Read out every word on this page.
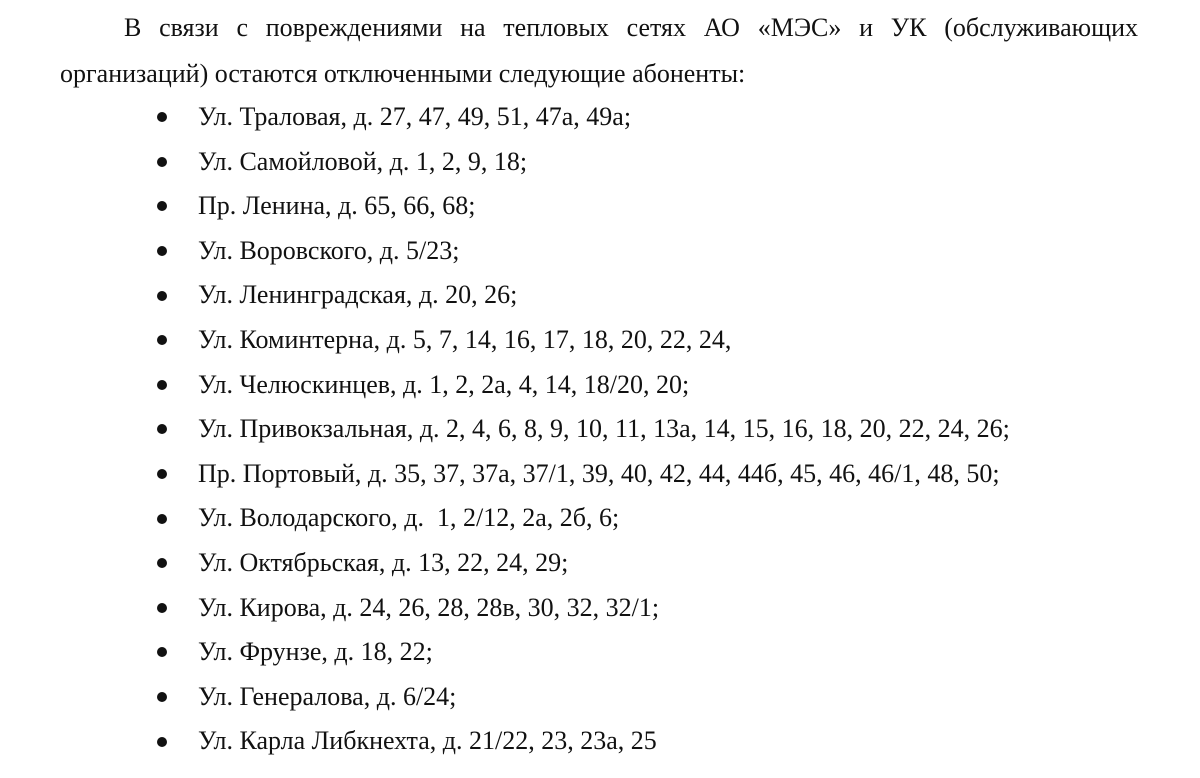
В связи с повреждениями на тепловых сетях АО «МЭС» и УК (обслуживающих организаций) остаются отключенными следующие абоненты:

Ул. Траловая, д. 27, 47, 49, 51, 47а, 49а;
Ул. Самойловой, д. 1, 2, 9, 18;
Пр. Ленина, д. 65, 66, 68;
Ул. Воровского, д. 5/23;
Ул. Ленинградская, д. 20, 26;
Ул. Коминтерна, д. 5, 7, 14, 16, 17, 18, 20, 22, 24,
Ул. Челюскинцев, д. 1, 2, 2а, 4, 14, 18/20, 20;
Ул. Привокзальная, д. 2, 4, 6, 8, 9, 10, 11, 13а, 14, 15, 16, 18, 20, 22, 24, 26;
Пр. Портовый, д. 35, 37, 37а, 37/1, 39, 40, 42, 44, 44б, 45, 46, 46/1, 48, 50;
Ул. Володарского, д.  1, 2/12, 2а, 2б, 6;
Ул. Октябрьская, д. 13, 22, 24, 29;
Ул. Кирова, д. 24, 26, 28, 28в, 30, 32, 32/1;
Ул. Фрунзе, д. 18, 22;
Ул. Генералова, д. 6/24;
Ул. Карла Либкнехта, д. 21/22, 23, 23а, 25
